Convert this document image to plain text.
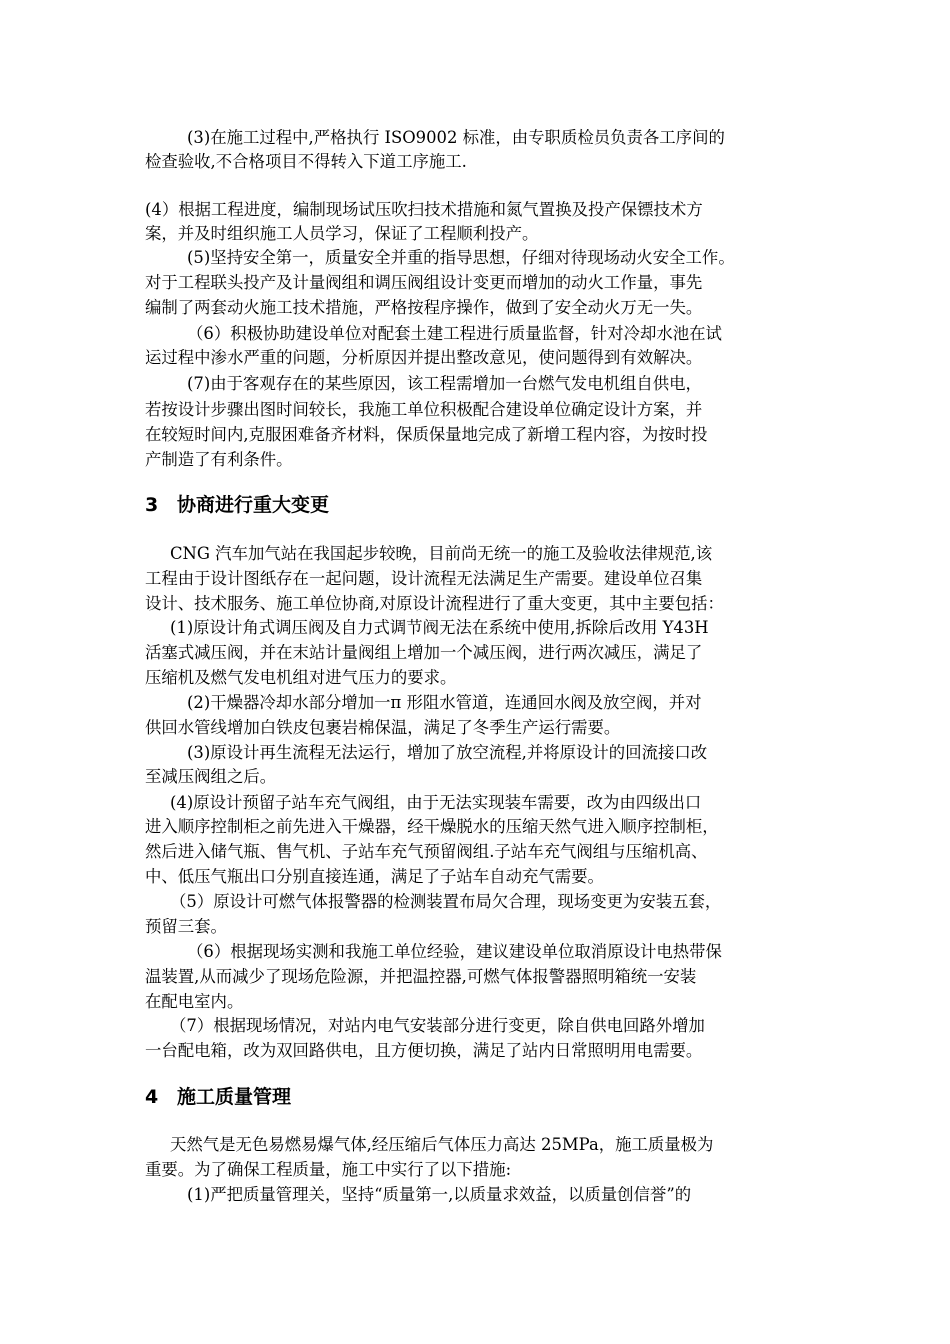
(3)在施工过程中,严格执行 ISO9002 标准，由专职质检员负责各工序间的
检查验收,不合格项目不得转入下道工序施工.
(4）根据工程进度，编制现场试压吹扫技术措施和氮气置换及投产保镖技术方
案，并及时组织施工人员学习，保证了工程顺利投产。
(5)坚持安全第一，质量安全并重的指导思想，仔细对待现场动火安全工作。
对于工程联头投产及计量阀组和调压阀组设计变更而增加的动火工作量，事先
编制了两套动火施工技术措施，严格按程序操作，做到了安全动火万无一失。
（6）积极协助建设单位对配套土建工程进行质量监督，针对冷却水池在试
运过程中渗水严重的问题，分析原因并提出整改意见，使问题得到有效解决。
(7)由于客观存在的某些原因，该工程需增加一台燃气发电机组自供电，
若按设计步骤出图时间较长，我施工单位积极配合建设单位确定设计方案，并
在较短时间内,克服困难备齐材料，保质保量地完成了新增工程内容，为按时投
产制造了有利条件。
3 协商进行重大变更
CNG 汽车加气站在我国起步较晚，目前尚无统一的施工及验收法律规范,该
工程由于设计图纸存在一起问题，设计流程无法满足生产需要。建设单位召集
设计、技术服务、施工单位协商,对原设计流程进行了重大变更，其中主要包括：
(1)原设计角式调压阀及自力式调节阀无法在系统中使用,拆除后改用 Y43H
活塞式减压阀，并在末站计量阀组上增加一个减压阀，进行两次减压，满足了
压缩机及燃气发电机组对进气压力的要求。
(2)干燥器冷却水部分增加一π 形阻水管道，连通回水阀及放空阀，并对
供回水管线增加白铁皮包裹岩棉保温，满足了冬季生产运行需要。
(3)原设计再生流程无法运行，增加了放空流程,并将原设计的回流接口改
至减压阀组之后。
(4)原设计预留子站车充气阀组，由于无法实现装车需要，改为由四级出口
进入顺序控制柜之前先进入干燥器，经干燥脱水的压缩天然气进入顺序控制柜，
然后进入储气瓶、售气机、子站车充气预留阀组.子站车充气阀组与压缩机高、
中、低压气瓶出口分别直接连通，满足了子站车自动充气需要。
（5）原设计可燃气体报警器的检测装置布局欠合理，现场变更为安装五套，
预留三套。
（6）根据现场实测和我施工单位经验，建议建设单位取消原设计电热带保
温装置,从而减少了现场危险源，并把温控器,可燃气体报警器照明箱统一安装
在配电室内。
（7）根据现场情况，对站内电气安装部分进行变更，除自供电回路外增加
一台配电箱，改为双回路供电，且方便切换，满足了站内日常照明用电需要。
4 施工质量管理
天然气是无色易燃易爆气体,经压缩后气体压力高达 25MPa，施工质量极为
重要。为了确保工程质量，施工中实行了以下措施:
(1)严把质量管理关，坚持“质量第一,以质量求效益，以质量创信誉”的
